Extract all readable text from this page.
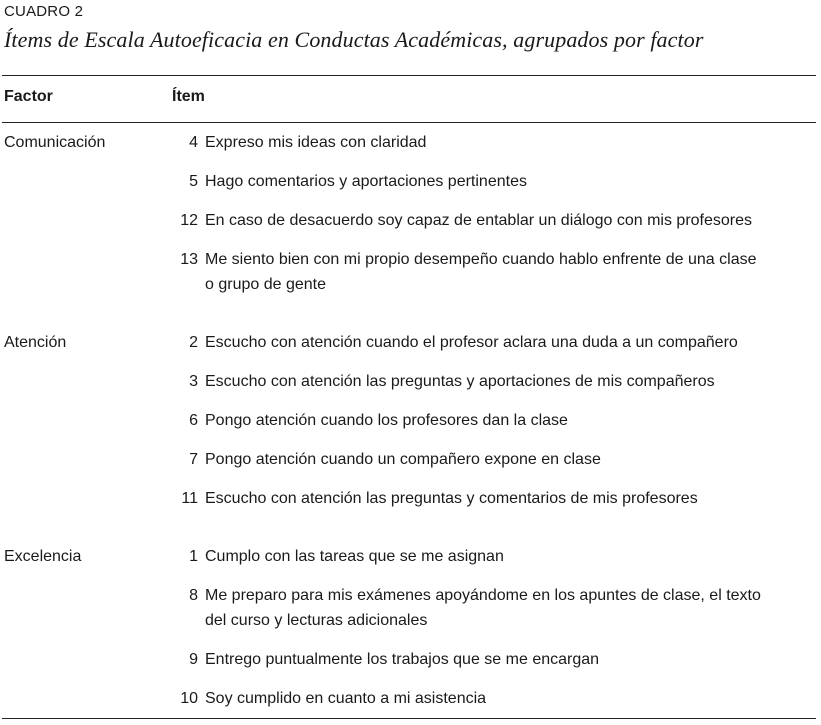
CUADRO 2
Ítems de Escala Autoeficacia en Conductas Académicas, agrupados por factor
Factor	Ítem
Comunicación	4 Expreso mis ideas con claridad
5 Hago comentarios y aportaciones pertinentes
12 En caso de desacuerdo soy capaz de entablar un diálogo con mis profesores
13 Me siento bien con mi propio desempeño cuando hablo enfrente de una clase
o grupo de gente
Atención	2 Escucho con atención cuando el profesor aclara una duda a un compañero
3 Escucho con atención las preguntas y aportaciones de mis compañeros
6 Pongo atención cuando los profesores dan la clase
7 Pongo atención cuando un compañero expone en clase
11 Escucho con atención las preguntas y comentarios de mis profesores
Excelencia	1 Cumplo con las tareas que se me asignan
8 Me preparo para mis exámenes apoyándome en los apuntes de clase, el texto
del curso y lecturas adicionales
9 Entrego puntualmente los trabajos que se me encargan
10 Soy cumplido en cuanto a mi asistencia
